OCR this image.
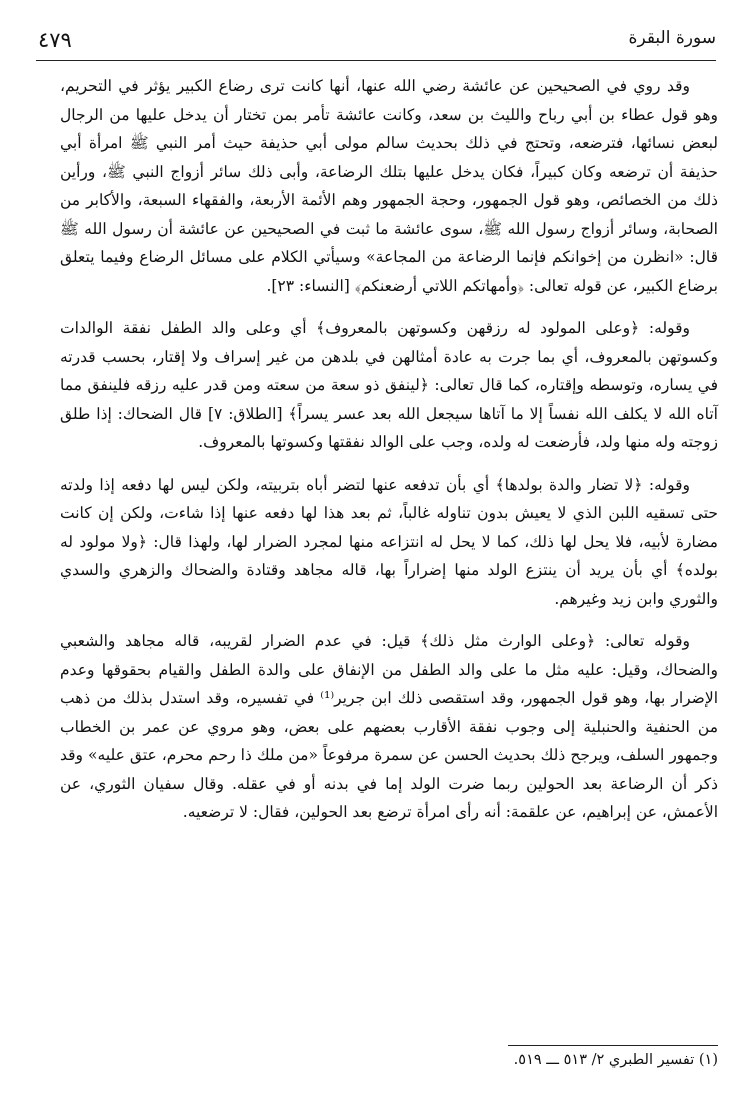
٤٧٩	سورة البقرة

وقد روي في الصحيحين عن عائشة رضي الله عنها، أنها كانت ترى رضاع الكبير يؤثر في التحريم، وهو قول عطاء بن أبي رباح والليث بن سعد، وكانت عائشة تأمر بمن تختار أن يدخل عليها من الرجال لبعض نسائها، فترضعه، وتحتج في ذلك بحديث سالم مولى أبي حذيفة حيث أمر النبي ﷺ امرأة أبي حذيفة أن ترضعه وكان كبيراً، فكان يدخل عليها بتلك الرضاعة، وأبى ذلك سائر أزواج النبي ﷺ، ورأين ذلك من الخصائص، وهو قول الجمهور، وحجة الجمهور وهم الأئمة الأربعة، والفقهاء السبعة، والأكابر من الصحابة، وسائر أزواج رسول الله ﷺ، سوى عائشة ما ثبت في الصحيحين عن عائشة أن رسول الله ﷺ قال: «انظرن من إخوانكم فإنما الرضاعة من المجاعة» وسيأتي الكلام على مسائل الرضاع وفيما يتعلق برضاع الكبير، عن قوله تعالى: ﴿وأمهاتكم اللاتي أرضعنكم﴾ [النساء: ٢٣].

وقوله: ﴿وعلى المولود له رزقهن وكسوتهن بالمعروف﴾ أي وعلى والد الطفل نفقة الوالدات وكسوتهن بالمعروف، أي بما جرت به عادة أمثالهن في بلدهن من غير إسراف ولا إقتار، بحسب قدرته في يساره، وتوسطه وإقتاره، كما قال تعالى: ﴿لينفق ذو سعة من سعته ومن قدر عليه رزقه فلينفق مما آتاه الله لا يكلف الله نفساً إلا ما آتاها سيجعل الله بعد عسر يسراً﴾ [الطلاق: ٧] قال الضحاك: إذا طلق زوجته وله منها ولد، فأرضعت له ولده، وجب على الوالد نفقتها وكسوتها بالمعروف.

وقوله: ﴿لا تضار والدة بولدها﴾ أي بأن تدفعه عنها لتضر أباه بتربيته، ولكن ليس لها دفعه إذا ولدته حتى تسقيه اللبن الذي لا يعيش بدون تناوله غالباً، ثم بعد هذا لها دفعه عنها إذا شاءت، ولكن إن كانت مضارة لأبيه، فلا يحل لها ذلك، كما لا يحل له انتزاعه منها لمجرد الضرار لها، ولهذا قال: ﴿ولا مولود له بولده﴾ أي بأن يريد أن ينتزع الولد منها إضراراً بها، قاله مجاهد وقتادة والضحاك والزهري والسدي والثوري وابن زيد وغيرهم.

وقوله تعالى: ﴿وعلى الوارث مثل ذلك﴾ قيل: في عدم الضرار لقريبه، قاله مجاهد والشعبي والضحاك، وقيل: عليه مثل ما على والد الطفل من الإنفاق على والدة الطفل والقيام بحقوقها وعدم الإضرار بها، وهو قول الجمهور، وقد استقصى ذلك ابن جرير⁽¹⁾ في تفسيره، وقد استدل بذلك من ذهب من الحنفية والحنبلية إلى وجوب نفقة الأقارب بعضهم على بعض، وهو مروي عن عمر بن الخطاب وجمهور السلف، ويرجح ذلك بحديث الحسن عن سمرة مرفوعاً «من ملك ذا رحم محرم، عتق عليه» وقد ذكر أن الرضاعة بعد الحولين ربما ضرت الولد إما في بدنه أو في عقله. وقال سفيان الثوري، عن الأعمش، عن إبراهيم، عن علقمة: أنه رأى امرأة ترضع بعد الحولين، فقال: لا ترضعيه.

(١) تفسير الطبري ٢/ ٥١٣ ـــ ٥١٩.
